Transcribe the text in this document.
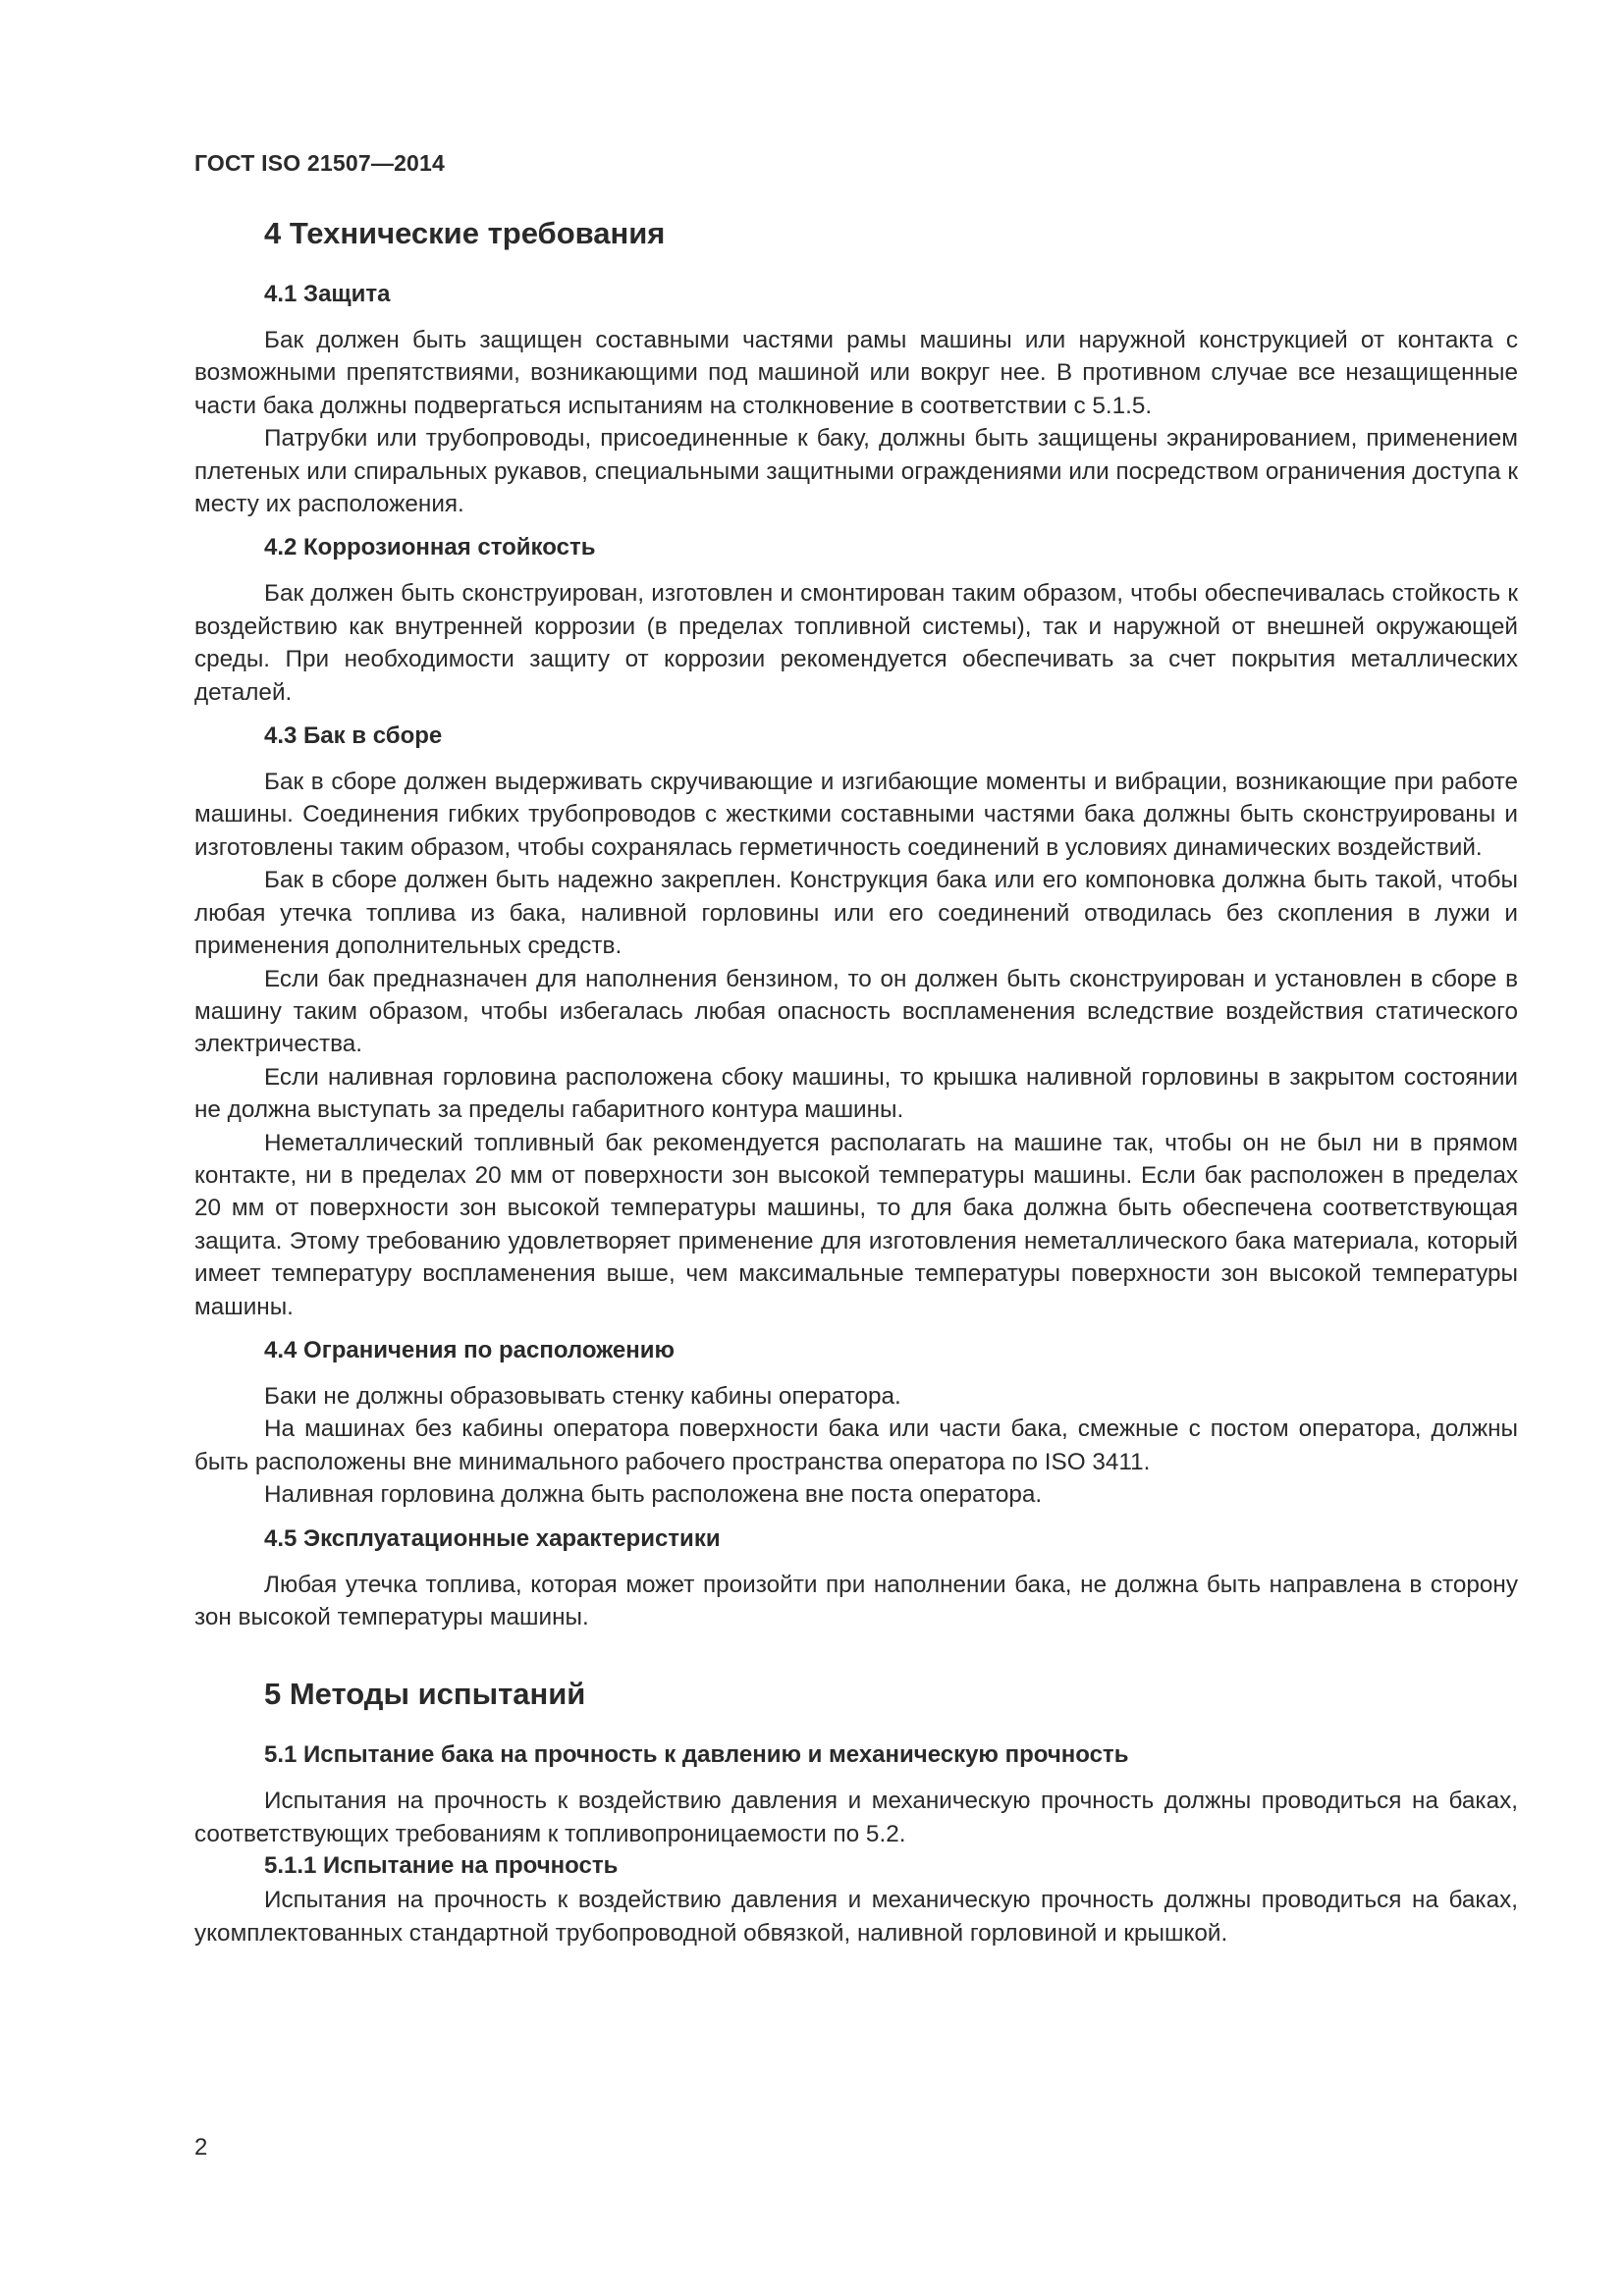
ГОСТ ISO 21507—2014
4 Технические требования
4.1 Защита

Бак должен быть защищен составными частями рамы машины или наружной конструкцией от контакта с возможными препятствиями, возникающими под машиной или вокруг нее. В противном случае все незащищенные части бака должны подвергаться испытаниям на столкновение в соответствии с 5.1.5.

Патрубки или трубопроводы, присоединенные к баку, должны быть защищены экранированием, применением плетеных или спиральных рукавов, специальными защитными ограждениями или посредством ограничения доступа к месту их расположения.

4.2 Коррозионная стойкость

Бак должен быть сконструирован, изготовлен и смонтирован таким образом, чтобы обеспечивалась стойкость к воздействию как внутренней коррозии (в пределах топливной системы), так и наружной от внешней окружающей среды. При необходимости защиту от коррозии рекомендуется обеспечивать за счет покрытия металлических деталей.

4.3 Бак в сборе

Бак в сборе должен выдерживать скручивающие и изгибающие моменты и вибрации, возникающие при работе машины. Соединения гибких трубопроводов с жесткими составными частями бака должны быть сконструированы и изготовлены таким образом, чтобы сохранялась герметичность соединений в условиях динамических воздействий.

Бак в сборе должен быть надежно закреплен. Конструкция бака или его компоновка должна быть такой, чтобы любая утечка топлива из бака, наливной горловины или его соединений отводилась без скопления в лужи и применения дополнительных средств.

Если бак предназначен для наполнения бензином, то он должен быть сконструирован и установлен в сборе в машину таким образом, чтобы избегалась любая опасность воспламенения вследствие воздействия статического электричества.

Если наливная горловина расположена сбоку машины, то крышка наливной горловины в закрытом состоянии не должна выступать за пределы габаритного контура машины.

Неметаллический топливный бак рекомендуется располагать на машине так, чтобы он не был ни в прямом контакте, ни в пределах 20 мм от поверхности зон высокой температуры машины. Если бак расположен в пределах 20 мм от поверхности зон высокой температуры машины, то для бака должна быть обеспечена соответствующая защита. Этому требованию удовлетворяет применение для изготовления неметаллического бака материала, который имеет температуру воспламенения выше, чем максимальные температуры поверхности зон высокой температуры машины.

4.4 Ограничения по расположению

Баки не должны образовывать стенку кабины оператора.

На машинах без кабины оператора поверхности бака или части бака, смежные с постом оператора, должны быть расположены вне минимального рабочего пространства оператора по ISO 3411.

Наливная горловина должна быть расположена вне поста оператора.

4.5 Эксплуатационные характеристики

Любая утечка топлива, которая может произойти при наполнении бака, не должна быть направлена в сторону зон высокой температуры машины.

5 Методы испытаний
5.1 Испытание бака на прочность к давлению и механическую прочность

Испытания на прочность к воздействию давления и механическую прочность должны проводиться на баках, соответствующих требованиям к топливопроницаемости по 5.2.

5.1.1 Испытание на прочность

Испытания на прочность к воздействию давления и механическую прочность должны проводиться на баках, укомплектованных стандартной трубопроводной обвязкой, наливной горловиной и крышкой.

2
